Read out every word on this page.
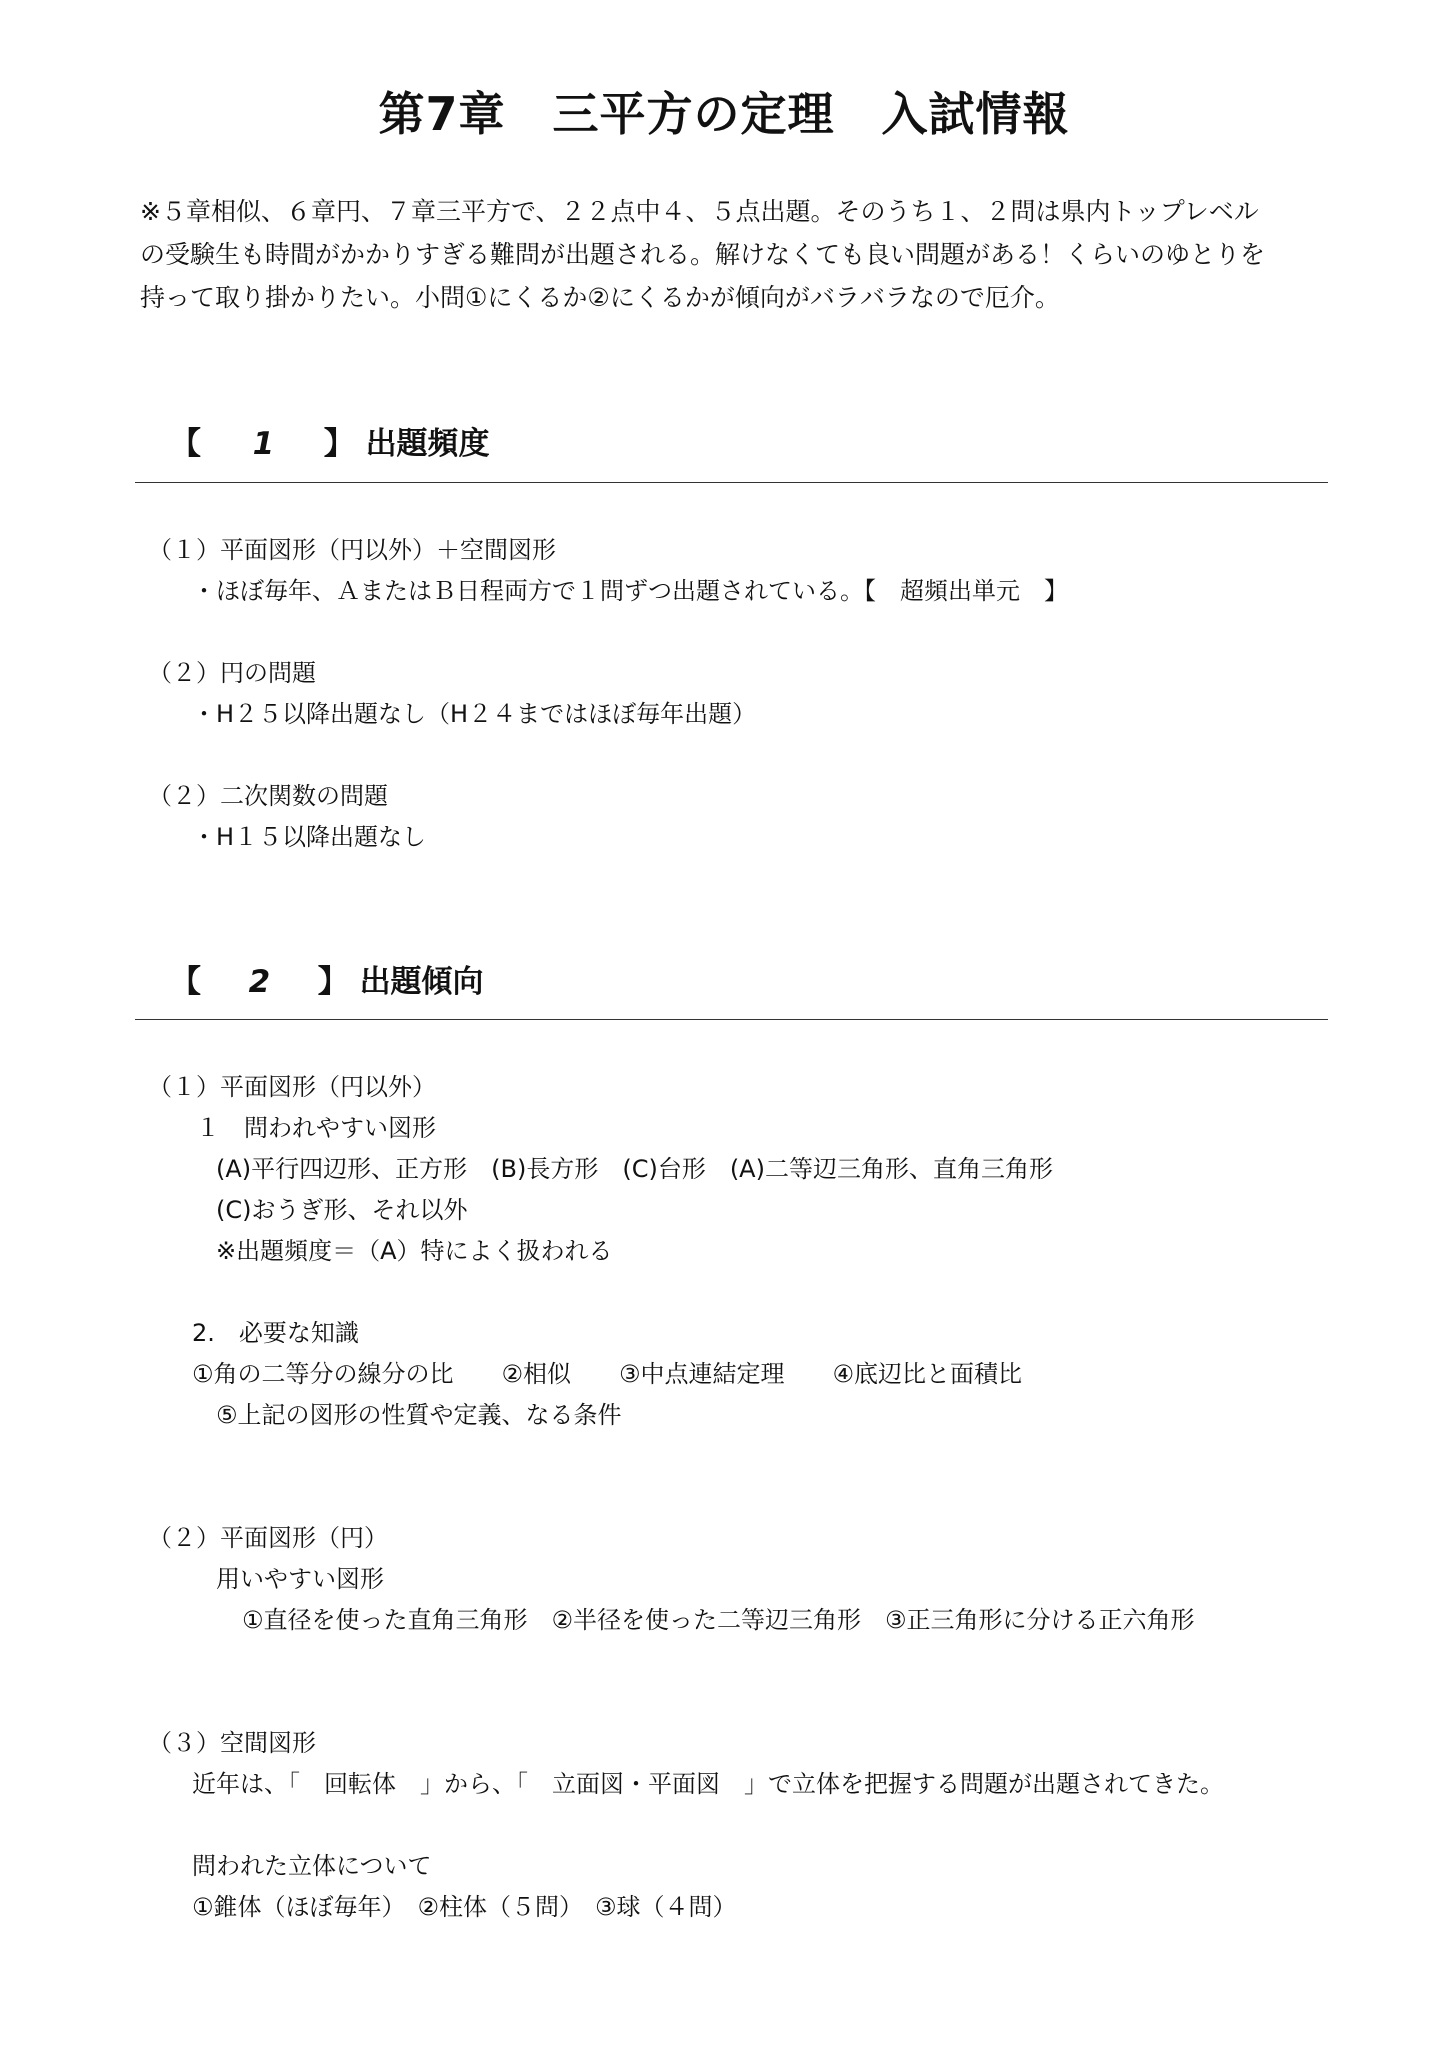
第7章　三平方の定理　入試情報
※５章相似、６章円、７章三平方で、２２点中４、５点出題。そのうち１、２問は県内トップレベル
の受験生も時間がかかりすぎる難問が出題される。解けなくても良い問題がある！くらいのゆとりを
持って取り掛かりたい。小問①にくるか②にくるかが傾向がバラバラなので厄介。
【 1 】 出題頻度
（１）平面図形（円以外）＋空間図形
・ほぼ毎年、ＡまたはＢ日程両方で１問ずつ出題されている。【　超頻出単元　】
（２）円の問題
・H２５以降出題なし（H２４まではほぼ毎年出題）
（２）二次関数の問題
・H１５以降出題なし
【 2 】 出題傾向
（１）平面図形（円以外）
１　問われやすい図形
(A)平行四辺形、正方形　(B)長方形　(C)台形　(A)二等辺三角形、直角三角形
(C)おうぎ形、それ以外
※出題頻度＝（A）特によく扱われる
2.　必要な知識
①角の二等分の線分の比　　②相似　　③中点連結定理　　④底辺比と面積比
⑤上記の図形の性質や定義、なる条件
（２）平面図形（円）
用いやすい図形
①直径を使った直角三角形　②半径を使った二等辺三角形　③正三角形に分ける正六角形
（３）空間図形
近年は、「　回転体　」から、「　立面図・平面図　」で立体を把握する問題が出題されてきた。
問われた立体について
①錐体（ほぼ毎年）　②柱体（５問）　③球（４問）
